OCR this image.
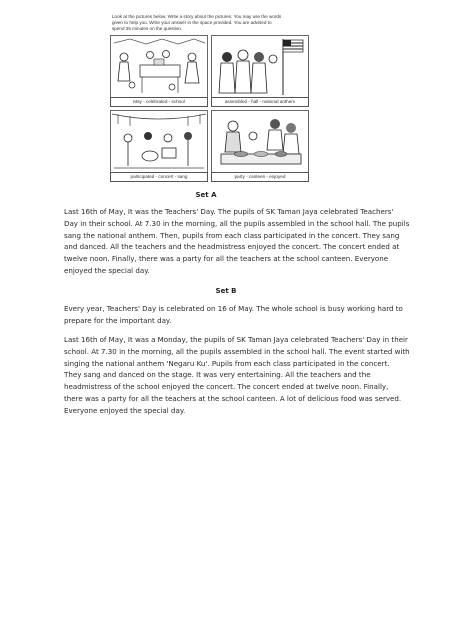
Look at the pictures below. Write a story about the pictures. You may use the words
given to help you. Write your answer in the space provided. You are advised to
spend 35 minutes on the question.
May - celebrated - school	assembled - hall - national anthem
participated - concert - sang	party - canteen - enjoyed
Set A
Last 16th of May, It was the Teachers' Day. The pupils of SK Taman Jaya celebrated Teachers'
Day in their school. At 7.30 in the morning, all the pupils assembled in the school hall. The pupils
sang the national anthem. Then, pupils from each class participated in the concert. They sang
and danced. All the teachers and the headmistress enjoyed the concert. The concert ended at
twelve noon. Finally, there was a party for all the teachers at the school canteen. Everyone
enjoyed the special day.
Set B
Every year, Teachers' Day is celebrated on 16 of May. The whole school is busy working hard to
prepare for the important day.
Last 16th of May, It was a Monday, the pupils of SK Taman Jaya celebrated Teachers' Day in their
school. At 7.30 in the morning, all the pupils assembled in the school hall. The event started with
singing the national anthem 'Negaru Ku'. Pupils from each class participated in the concert.
They sang and danced on the stage. It was very entertaining. All the teachers and the
headmistress of the school enjoyed the concert. The concert ended at twelve noon. Finally,
there was a party for all the teachers at the school canteen. A lot of delicious food was served.
Everyone enjoyed the special day.
